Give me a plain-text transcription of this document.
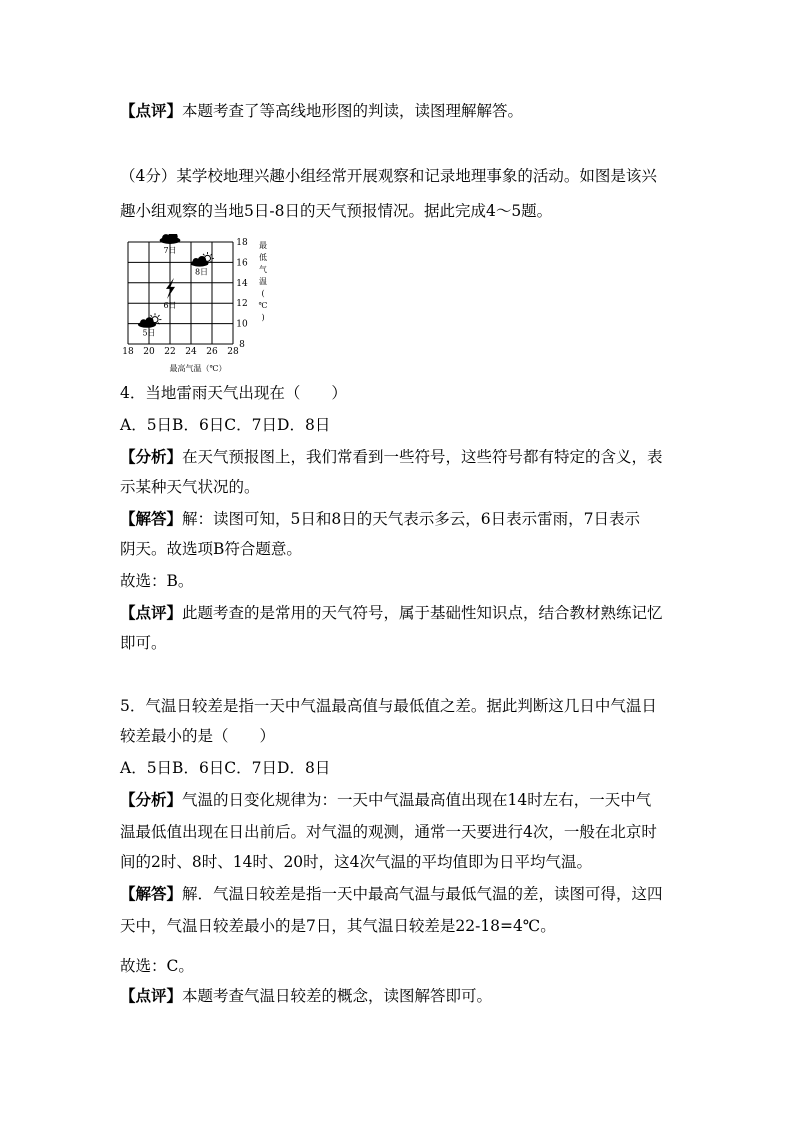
【点评】本题考查了等高线地形图的判读，读图理解解答。
（4分）某学校地理兴趣小组经常开展观察和记录地理事象的活动。如图是该兴
趣小组观察的当地5日-8日的天气预报情况。据此完成4～5题。
5日
6日
7日
8日
18 20 22 24 26 28
8
10
12
14
16
18 最
低
气
温
(
℃
)
最高气温（℃）
4．当地雷雨天气出现在（　　）
A．5日B．6日C．7日D．8日
【分析】在天气预报图上，我们常看到一些符号，这些符号都有特定的含义，表
示某种天气状况的。
【解答】解：读图可知，5日和8日的天气表示多云，6日表示雷雨，7日表示
阴天。故选项B符合题意。
故选：B。
【点评】此题考查的是常用的天气符号，属于基础性知识点，结合教材熟练记忆
即可。
5．气温日较差是指一天中气温最高值与最低值之差。据此判断这几日中气温日
较差最小的是（　　）
A．5日B．6日C．7日D．8日
【分析】气温的日变化规律为：一天中气温最高值出现在14时左右，一天中气
温最低值出现在日出前后。对气温的观测，通常一天要进行4次，一般在北京时
间的2时、8时、14时、20时，这4次气温的平均值即为日平均气温。
【解答】解．气温日较差是指一天中最高气温与最低气温的差，读图可得，这四
天中，气温日较差最小的是7日，其气温日较差是22-18=4℃。
故选：C。
【点评】本题考查气温日较差的概念，读图解答即可。
